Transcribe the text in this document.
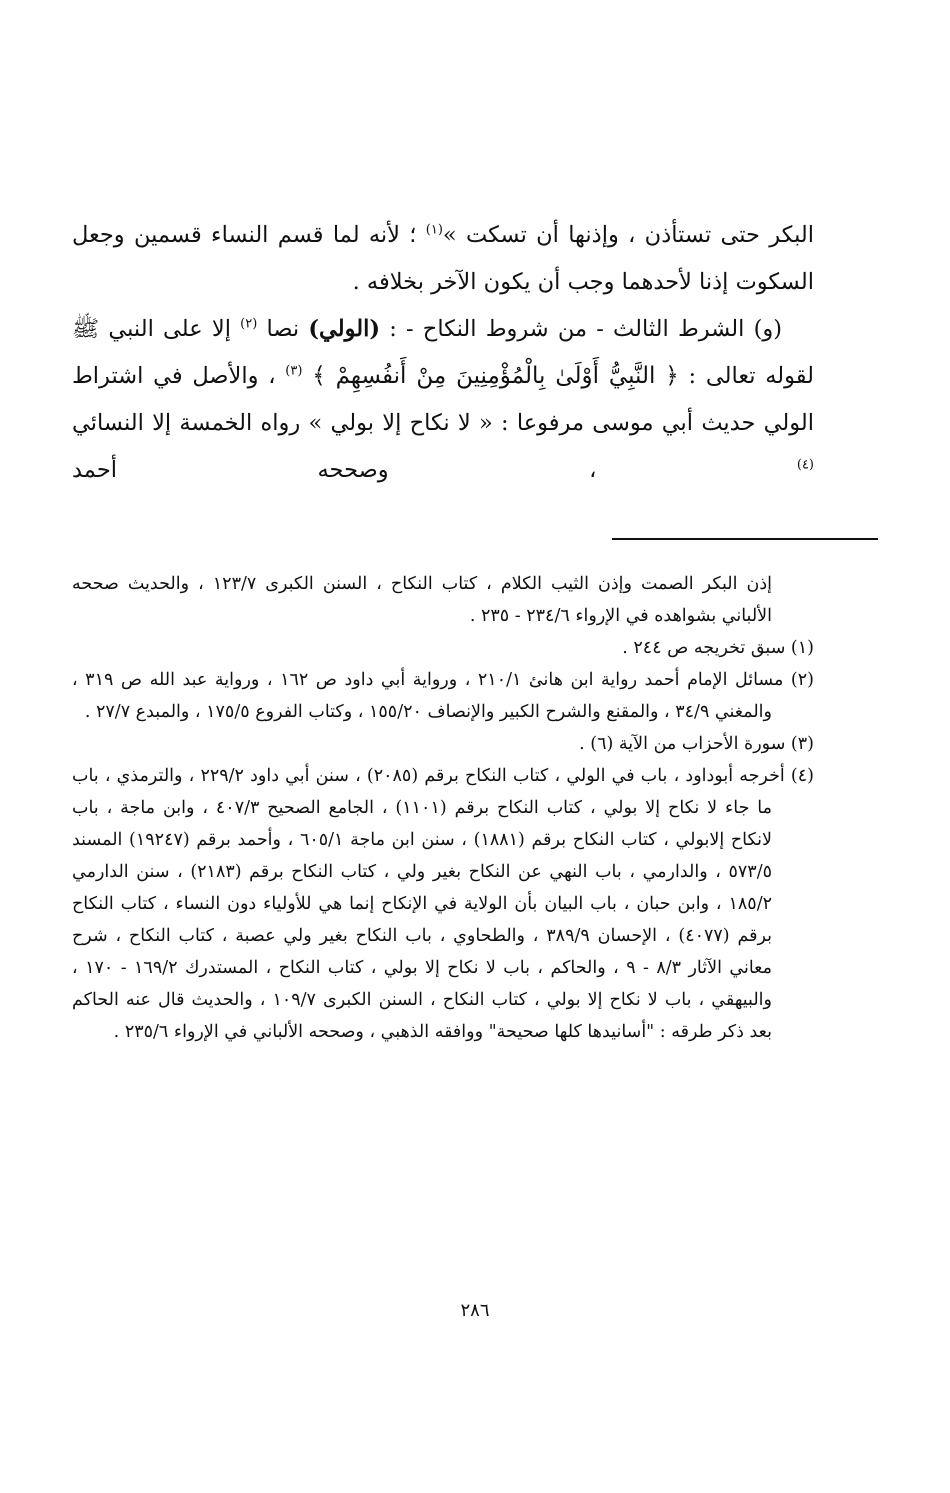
البكر حتى تستأذن ، وإذنها أن تسكت »$^{(١)}$ ؛ لأنه لما قسم النساء قسمين وجعل السكوت إذنا لأحدهما وجب أن يكون الآخر بخلافه .

(و) الشرط الثالث - من شروط النكاح - : (الولي) نصا $^{(٢)}$ إلا على النبي ﷺ لقوله تعالى : ﴿ النَّبِيُّ أَوْلَىٰ بِالْمُؤْمِنِينَ مِنْ أَنفُسِهِمْ ﴾ $^{(٣)}$ ، والأصل في اشتراط الولي حديث أبي موسى مرفوعا : « لا نكاح إلا بولي » رواه الخمسة إلا النسائي $^{(٤)}$ ، وصححه أحمد

إذن البكر الصمت وإذن الثيب الكلام ، كتاب النكاح ، السنن الكبرى ١٢٣/٧ ، والحديث صححه الألباني بشواهده في الإرواء ٢٣٤/٦ - ٢٣٥ .

(١) سبق تخريجه ص ٢٤٤ .

(٢) مسائل الإمام أحمد رواية ابن هانئ ٢١٠/١ ، ورواية أبي داود ص ١٦٢ ، ورواية عبد الله ص ٣١٩ ، والمغني ٣٤/٩ ، والمقنع والشرح الكبير والإنصاف ١٥٥/٢٠ ، وكتاب الفروع ١٧٥/٥ ، والمبدع ٢٧/٧ .

(٣) سورة الأحزاب من الآية (٦) .

(٤) أخرجه أبوداود ، باب في الولي ، كتاب النكاح برقم (٢٠٨٥) ، سنن أبي داود ٢٢٩/٢ ، والترمذي ، باب ما جاء لا نكاح إلا بولي ، كتاب النكاح برقم (١١٠١) ، الجامع الصحيح ٤٠٧/٣ ، وابن ماجة ، باب لانكاح إلابولي ، كتاب النكاح برقم (١٨٨١) ، سنن ابن ماجة ٦٠٥/١ ، وأحمد برقم (١٩٢٤٧) المسند ٥٧٣/٥ ، والدارمي ، باب النهي عن النكاح بغير ولي ، كتاب النكاح برقم (٢١٨٣) ، سنن الدارمي ١٨٥/٢ ، وابن حبان ، باب البيان بأن الولاية في الإنكاح إنما هي للأولياء دون النساء ، كتاب النكاح برقم (٤٠٧٧) ، الإحسان ٣٨٩/٩ ، والطحاوي ، باب النكاح بغير ولي عصبة ، كتاب النكاح ، شرح معاني الآثار ٨/٣ - ٩ ، والحاكم ، باب لا نكاح إلا بولي ، كتاب النكاح ، المستدرك ١٦٩/٢ - ١٧٠ ، والبيهقي ، باب لا نكاح إلا بولي ، كتاب النكاح ، السنن الكبرى ١٠٩/٧ ، والحديث قال عنه الحاكم بعد ذكر طرقه : "أسانيدها كلها صحيحة" ووافقه الذهبي ، وصححه الألباني في الإرواء ٢٣٥/٦ .

٢٨٦
